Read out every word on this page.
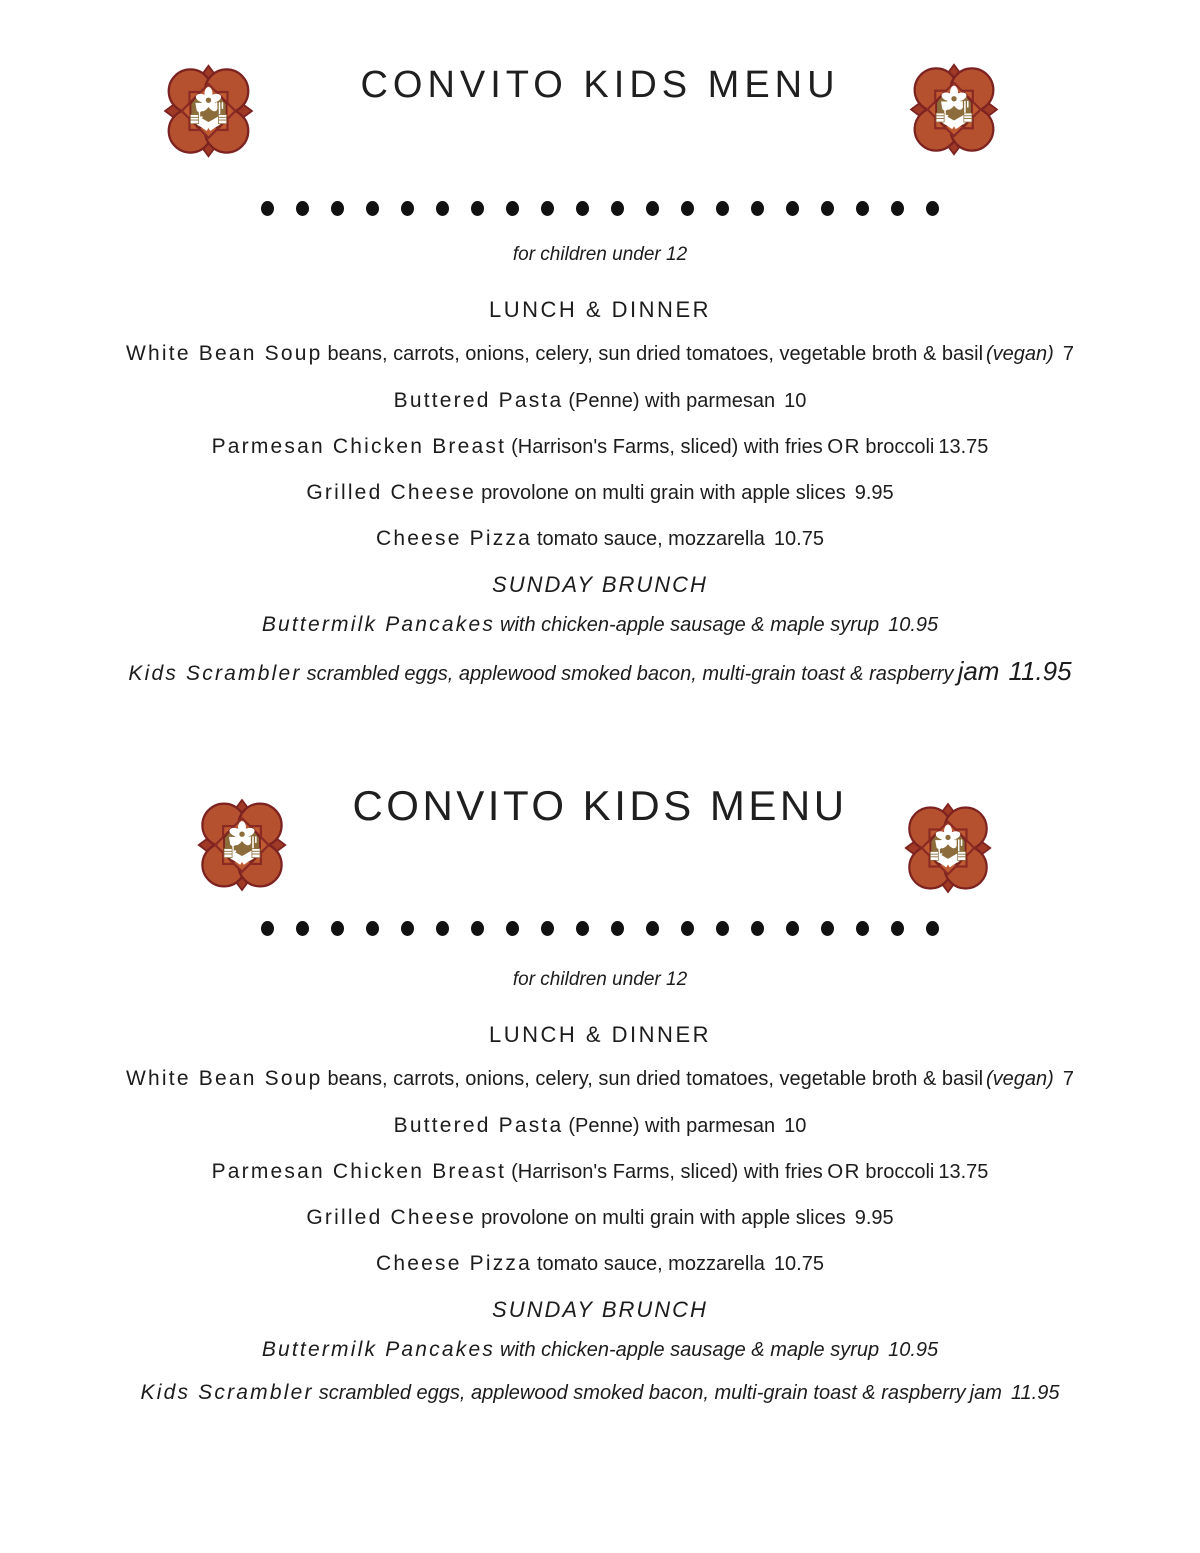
CONVITO KIDS MENU
for children under 12
LUNCH & DINNER
White Bean Soup beans, carrots, onions, celery, sun dried tomatoes, vegetable broth & basil (vegan) 7
Buttered Pasta (Penne) with parmesan 10
Parmesan Chicken Breast (Harrison's Farms, sliced) with fries OR broccoli 13.75
Grilled Cheese provolone on multi grain with apple slices 9.95
Cheese Pizza tomato sauce, mozzarella 10.75
SUNDAY BRUNCH
Buttermilk Pancakes with chicken-apple sausage & maple syrup 10.95
Kids Scrambler scrambled eggs, applewood smoked bacon, multi-grain toast & raspberry jam 11.95
CONVITO KIDS MENU
for children under 12
LUNCH & DINNER
White Bean Soup beans, carrots, onions, celery, sun dried tomatoes, vegetable broth & basil (vegan) 7
Buttered Pasta (Penne) with parmesan 10
Parmesan Chicken Breast (Harrison's Farms, sliced) with fries OR broccoli 13.75
Grilled Cheese provolone on multi grain with apple slices 9.95
Cheese Pizza tomato sauce, mozzarella 10.75
SUNDAY BRUNCH
Buttermilk Pancakes with chicken-apple sausage & maple syrup 10.95
Kids Scrambler scrambled eggs, applewood smoked bacon, multi-grain toast & raspberry jam 11.95
